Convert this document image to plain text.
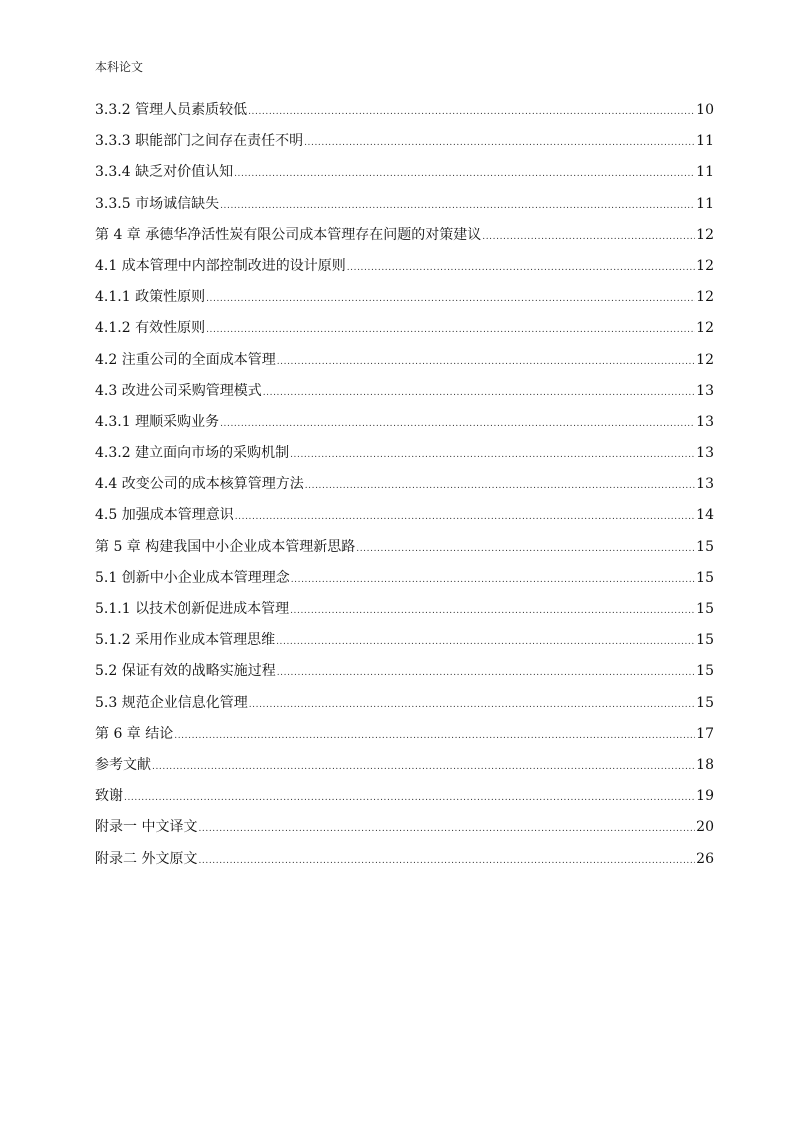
本科论文
3.3.2 管理人员素质较低 .....	10
3.3.3 职能部门之间存在责任不明 .....	11
3.3.4 缺乏对价值认知 .....	11
3.3.5 市场诚信缺失 .....	11
第 4 章 承德华净活性炭有限公司成本管理存在问题的对策建议 .....	12
4.1 成本管理中内部控制改进的设计原则 .....	12
4.1.1 政策性原则 .....	12
4.1.2 有效性原则 .....	12
4.2 注重公司的全面成本管理 .....	12
4.3 改进公司采购管理模式 .....	13
4.3.1 理顺采购业务 .....	13
4.3.2 建立面向市场的采购机制 .....	13
4.4 改变公司的成本核算管理方法 .....	13
4.5 加强成本管理意识 .....	14
第 5 章 构建我国中小企业成本管理新思路 .....	15
5.1 创新中小企业成本管理理念 .....	15
5.1.1 以技术创新促进成本管理 .....	15
5.1.2 采用作业成本管理思维 .....	15
5.2 保证有效的战略实施过程 .....	15
5.3 规范企业信息化管理 .....	15
第 6 章 结论 .....	17
参考文献 .....	18
致谢 .....	19
附录一 中文译文 .....	20
附录二 外文原文 .....	26
